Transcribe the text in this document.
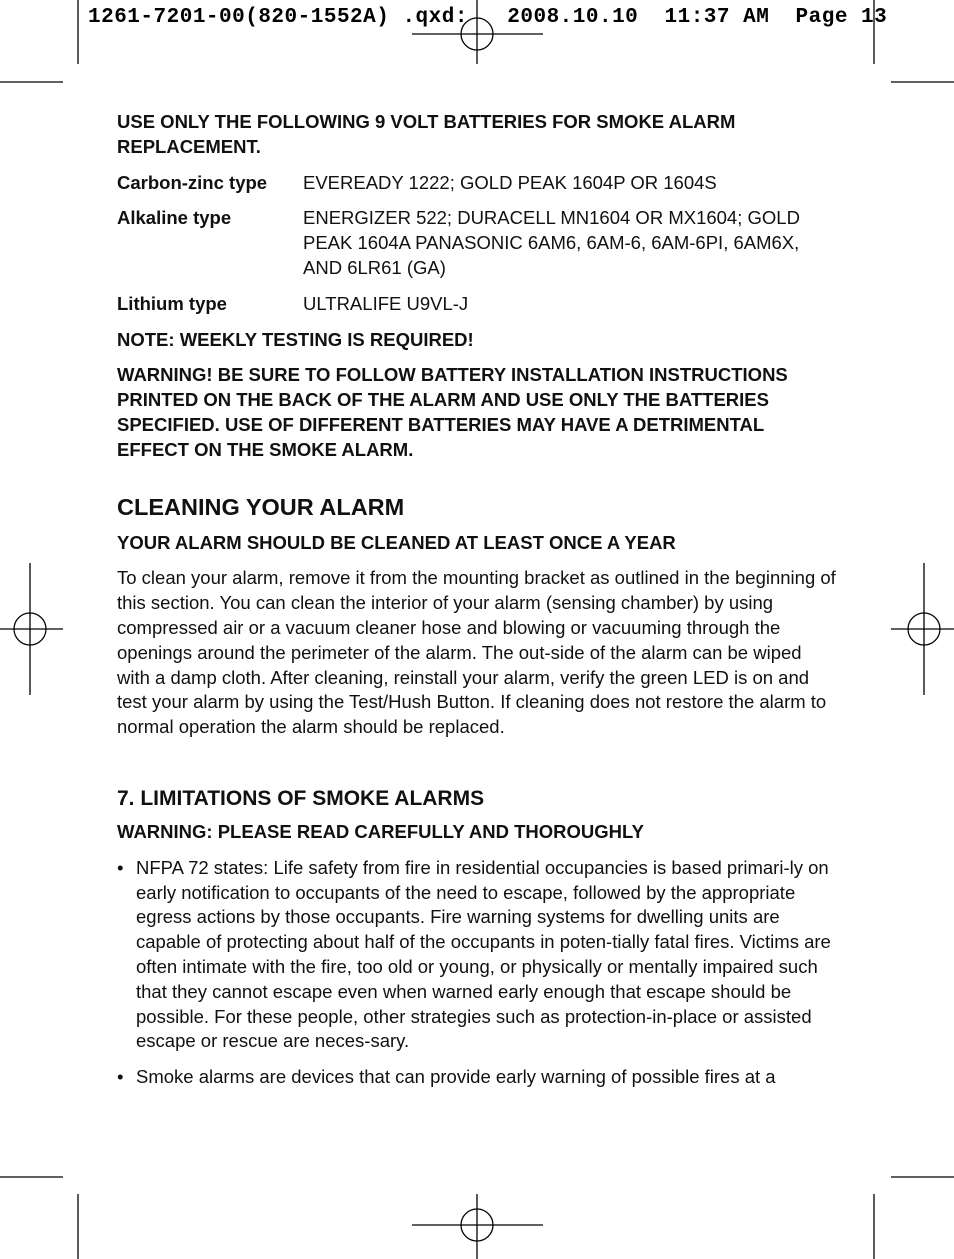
1261-7201-00(820-1552A) .qxd:   2008.10.10  11:37 AM  Page 13

USE ONLY THE FOLLOWING 9 VOLT BATTERIES FOR SMOKE ALARM REPLACEMENT.

Carbon-zinc type	EVEREADY 1222; GOLD PEAK 1604P OR 1604S
Alkaline type	ENERGIZER 522; DURACELL MN1604 OR MX1604; GOLD PEAK 1604A PANASONIC 6AM6, 6AM-6, 6AM-6PI, 6AM6X, AND 6LR61 (GA)
Lithium type	ULTRALIFE U9VL-J

NOTE: WEEKLY TESTING IS REQUIRED!

WARNING! BE SURE TO FOLLOW BATTERY INSTALLATION INSTRUCTIONS PRINTED ON THE BACK OF THE ALARM AND USE ONLY THE BATTERIES SPECIFIED. USE OF DIFFERENT BATTERIES MAY HAVE A DETRIMENTAL EFFECT ON THE SMOKE ALARM.

CLEANING YOUR ALARM

YOUR ALARM SHOULD BE CLEANED AT LEAST ONCE A YEAR

To clean your alarm, remove it from the mounting bracket as outlined in the beginning of this section. You can clean the interior of your alarm (sensing chamber) by using compressed air or a vacuum cleaner hose and blowing or vacuuming through the openings around the perimeter of the alarm. The out-side of the alarm can be wiped with a damp cloth. After cleaning, reinstall your alarm, verify the green LED is on and test your alarm by using the Test/Hush Button. If cleaning does not restore the alarm to normal operation the alarm should be replaced.

7. LIMITATIONS OF SMOKE ALARMS

WARNING: PLEASE READ CAREFULLY AND THOROUGHLY

• NFPA 72 states: Life safety from fire in residential occupancies is based primari-ly on early notification to occupants of the need to escape, followed by the appropriate egress actions by those occupants. Fire warning systems for dwelling units are capable of protecting about half of the occupants in poten-tially fatal fires. Victims are often intimate with the fire, too old or young, or physically or mentally impaired such that they cannot escape even when warned early enough that escape should be possible. For these people, other strategies such as protection-in-place or assisted escape or rescue are neces-sary.
• Smoke alarms are devices that can provide early warning of possible fires at a
